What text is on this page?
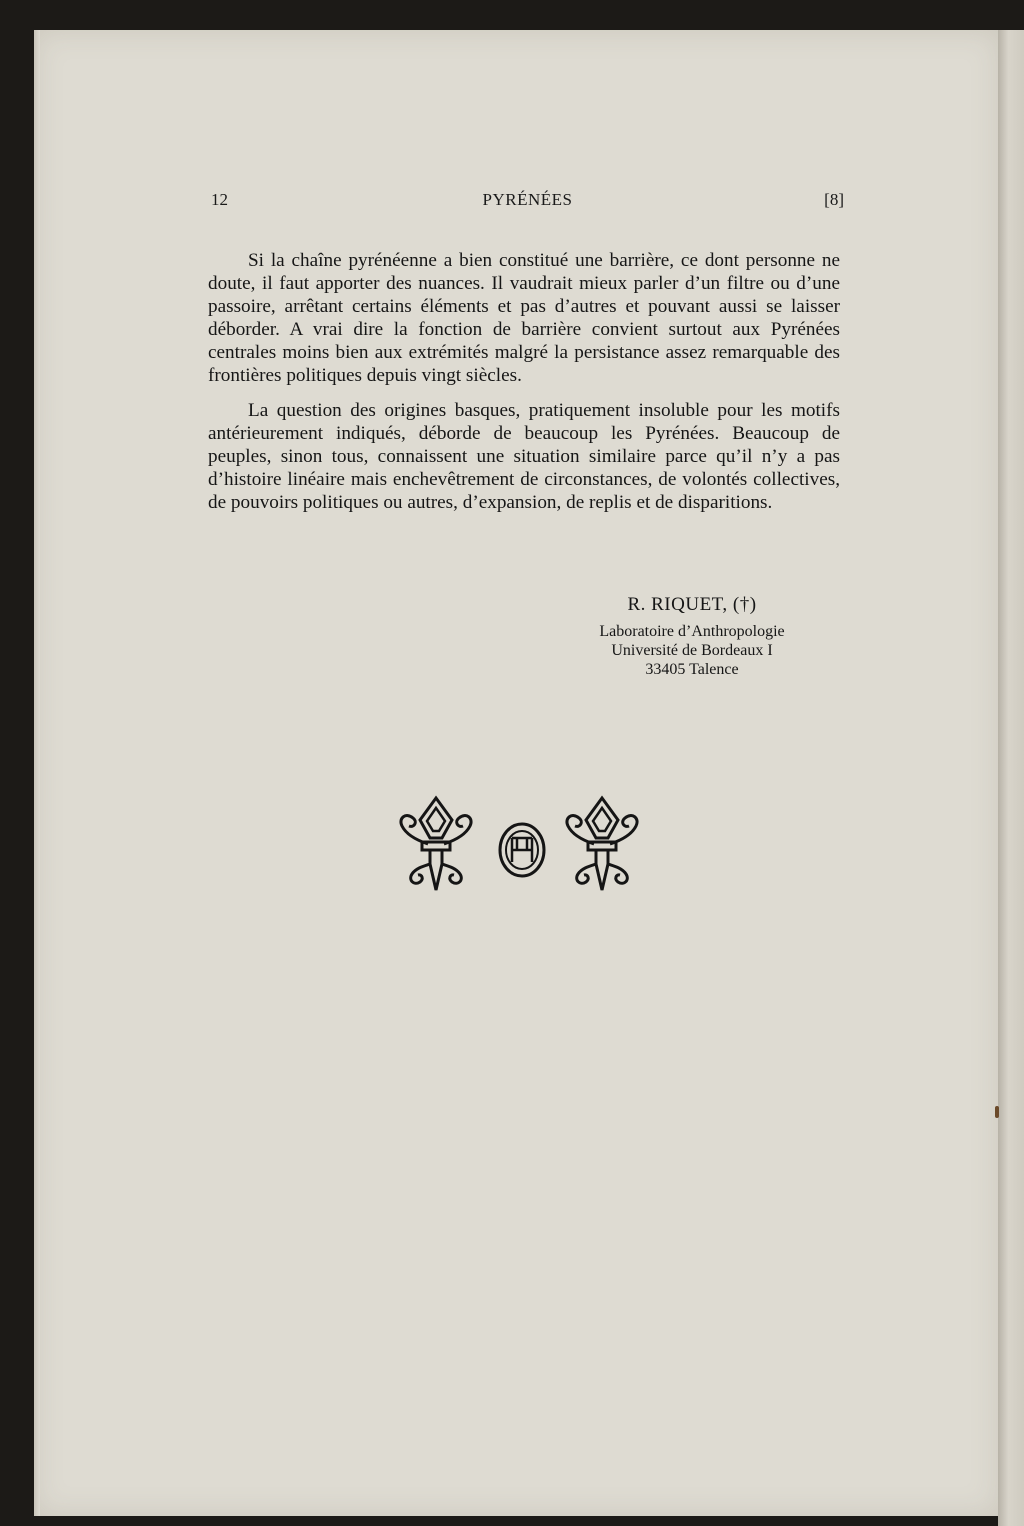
12	PYRÉNÉES	[8]

Si la chaîne pyrénéenne a bien constitué une barrière, ce dont personne ne doute, il faut apporter des nuances. Il vaudrait mieux parler d’un filtre ou d’une passoire, arrêtant certains éléments et pas d’autres et pouvant aussi se laisser déborder. A vrai dire la fonction de barrière convient surtout aux Pyrénées centrales moins bien aux extrémités malgré la persistance assez remarquable des frontières politiques depuis vingt siècles.

La question des origines basques, pratiquement insoluble pour les motifs antérieurement indiqués, déborde de beaucoup les Pyrénées. Beaucoup de peuples, sinon tous, connaissent une situation similaire parce qu’il n’y a pas d’histoire linéaire mais enchevêtrement de circonstances, de volontés collectives, de pouvoirs politiques ou autres, d’expansion, de replis et de disparitions.

R. RIQUET, (†)
Laboratoire d’Anthropologie
Université de Bordeaux I
33405 Talence
